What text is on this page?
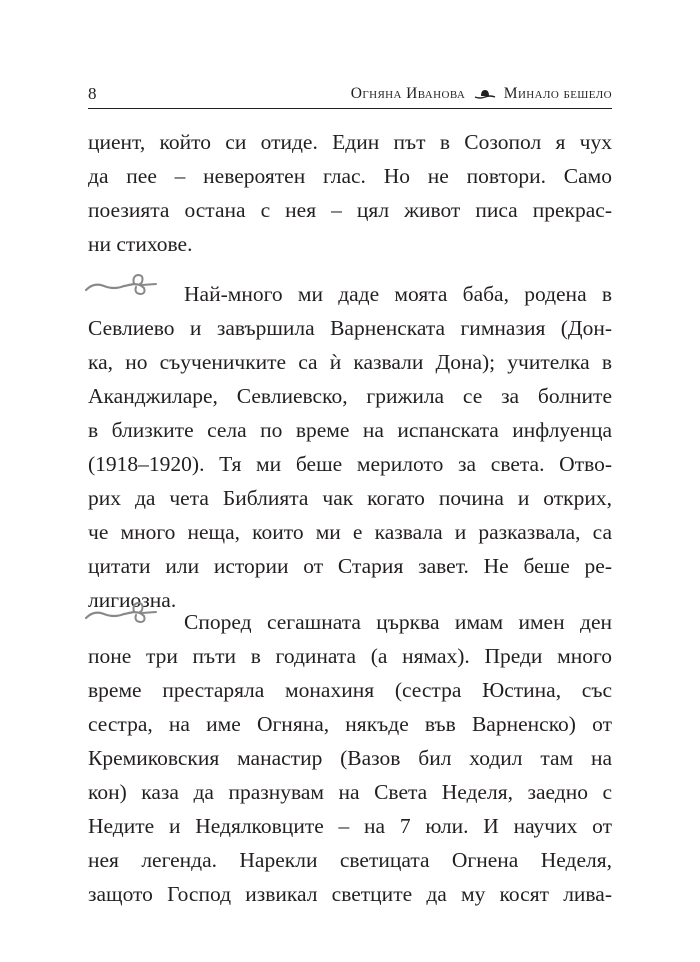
8	Огняна Иванова Минало бешело
циент, който си отиде. Един път в Созопол я чух
да пее – невероятен глас. Но не повтори. Само
поезията остана с нея – цял живот писа прекрас-
ни стихове.
Най-много ми даде моята баба, родена в
Севлиево и завършила Варненската гимназия (Дон-
ка, но съученичките са ѝ казвали Дона); учителка в
Аканджиларе, Севлиевско, грижила се за болните
в близките села по време на испанската инфлуенца
(1918–1920). Тя ми беше мерилото за света. Отво-
рих да чета Библията чак когато почина и открих,
че много неща, които ми е казвала и разказвала, са
цитати или истории от Стария завет. Не беше ре-
лигиозна.
Според сегашната църква имам имен ден
поне три пъти в годината (а нямах). Преди много
време престаряла монахиня (сестра Юстина, със
сестра, на име Огняна, някъде във Варненско) от
Кремиковския манастир (Вазов бил ходил там на
кон) каза да празнувам на Света Неделя, заедно с
Недите и Недялковците – на 7 юли. И научих от
нея легенда. Нарекли светицата Огнена Неделя,
защото Господ извикал светците да му косят лива-
